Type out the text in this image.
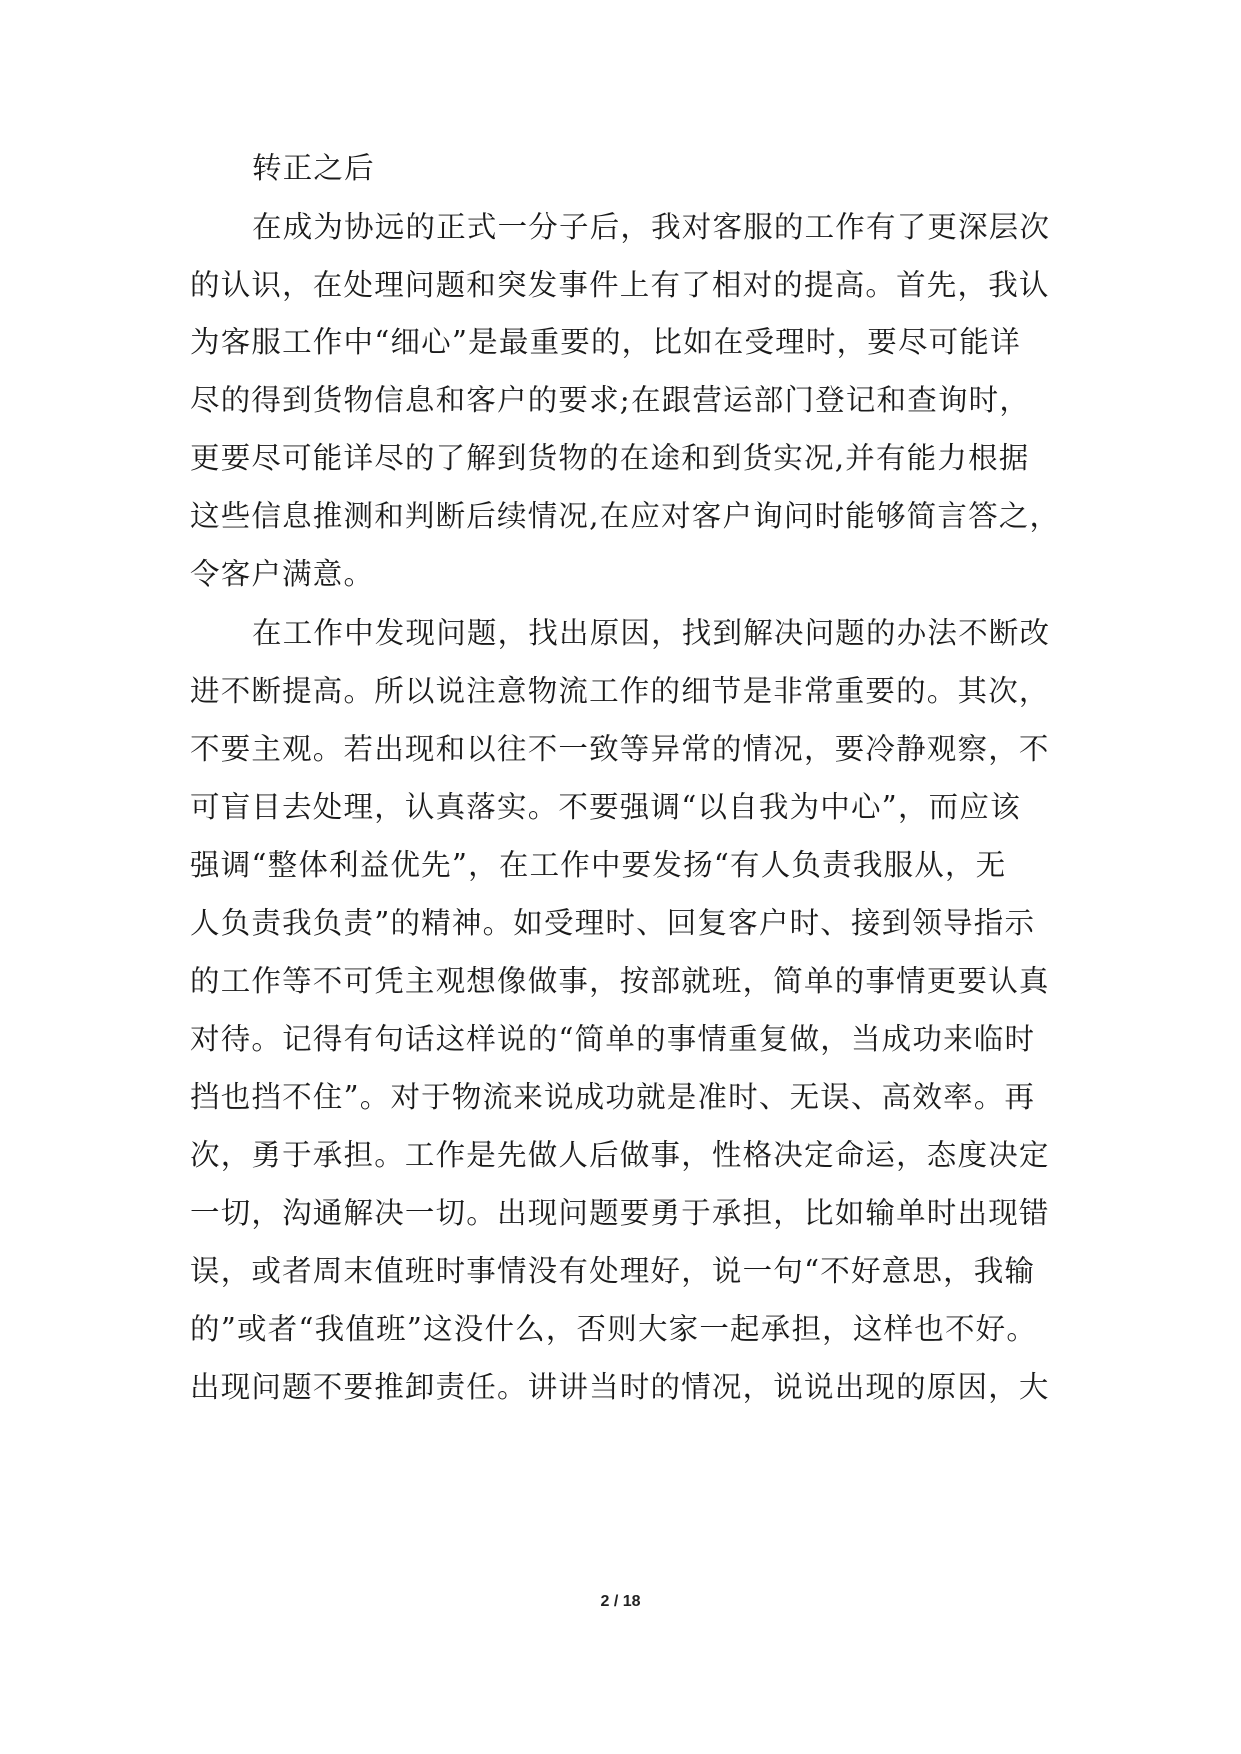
转正之后
在成为协远的正式一分子后，我对客服的工作有了更深层次
的认识，在处理问题和突发事件上有了相对的提高。首先，我认
为客服工作中“细心”是最重要的，比如在受理时，要尽可能详
尽的得到货物信息和客户的要求;在跟营运部门登记和查询时，
更要尽可能详尽的了解到货物的在途和到货实况,并有能力根据
这些信息推测和判断后续情况,在应对客户询问时能够简言答之，
令客户满意。
在工作中发现问题，找出原因，找到解决问题的办法不断改
进不断提高。所以说注意物流工作的细节是非常重要的。其次，
不要主观。若出现和以往不一致等异常的情况，要冷静观察，不
可盲目去处理，认真落实。不要强调“以自我为中心”，而应该
强调“整体利益优先”，在工作中要发扬“有人负责我服从，无
人负责我负责”的精神。如受理时、回复客户时、接到领导指示
的工作等不可凭主观想像做事，按部就班，简单的事情更要认真
对待。记得有句话这样说的“简单的事情重复做，当成功来临时
挡也挡不住”。对于物流来说成功就是准时、无误、高效率。再
次，勇于承担。工作是先做人后做事，性格决定命运，态度决定
一切，沟通解决一切。出现问题要勇于承担，比如输单时出现错
误，或者周末值班时事情没有处理好，说一句“不好意思，我输
的”或者“我值班”这没什么，否则大家一起承担，这样也不好。
出现问题不要推卸责任。讲讲当时的情况，说说出现的原因，大
2 / 18
